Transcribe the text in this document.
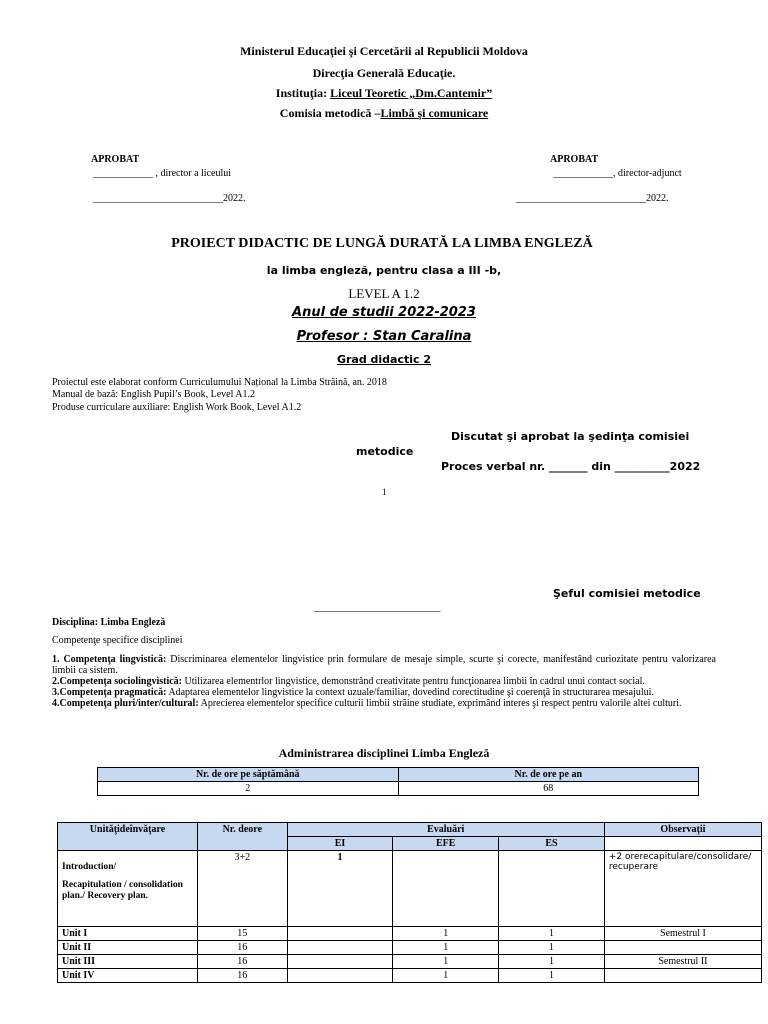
Ministerul Educaţiei şi Cercetării al Republicii Moldova
Direcţia Generală Educaţie.
Instituţia: Liceul Teoretic „Dm.Cantemir”
Comisia metodică –Limbă şi comunicare
APROBAT
____________ , director a liceului
__________________________2022.
APROBAT
____________, director-adjunct
__________________________2022.
PROIECT DIDACTIC DE LUNGĂ DURATĂ LA LIMBA ENGLEZĂ
la limba engleză, pentru clasa a III -b,
LEVEL A 1.2
Anul de studii 2022-2023
Profesor : Stan Caralina
Grad didactic 2
Proiectul este elaborat conform Curriculumului Național la Limba Străină, an. 2018
Manual de bază: English Pupil’s Book, Level A1.2
Produse curriculare auxiliare: English Work Book, Level A1.2
Discutat şi aprobat la şedinţa comisiei
metodice
Proces verbal nr. _______ din __________2022
1
Şeful comisiei metodice
_______________________
Disciplina: Limba Engleză
Competenţe specifice disciplinei
1. Competenţa lingvistică: Discriminarea elementelor lingvistice prin formulare de mesaje simple, scurte şi corecte, manifestând curiozitate pentru valorizarea limbii ca sistem.
2.Competenţa sociolingvistică: Utilizarea elementrlor lingvistice, demonstrând creativitate pentru funcţionarea limbii în cadrul unui contact social.
3.Competenţa pragmatică: Adaptarea elementelor lingvistice la context uzuale/familiar, dovedind corectitudine şi coerenţă în structurarea mesajului.
4.Competenţa pluri/inter/cultural: Aprecierea elementelor specifice culturii limbii străine studiate, exprimând interes şi respect pentru valorile altei culturi.
Administrarea disciplinei Limba Engleză
Nr. de ore pe săptămână	Nr. de ore pe an
2	68
Unităţideînvăţare	Nr. deore	Evaluări			Observaţii
		EI	EFE	ES	

Introduction/
Recapitulation / consolidation plan./ Recovery plan.	3+2	1			+2 orerecapitulare/consolidare/ recuperare
Unit I	15		1	1	Semestrul I
Unit II	16		1	1	
Unit III	16		1	1	Semestrul II
Unit IV	16		1	1	
